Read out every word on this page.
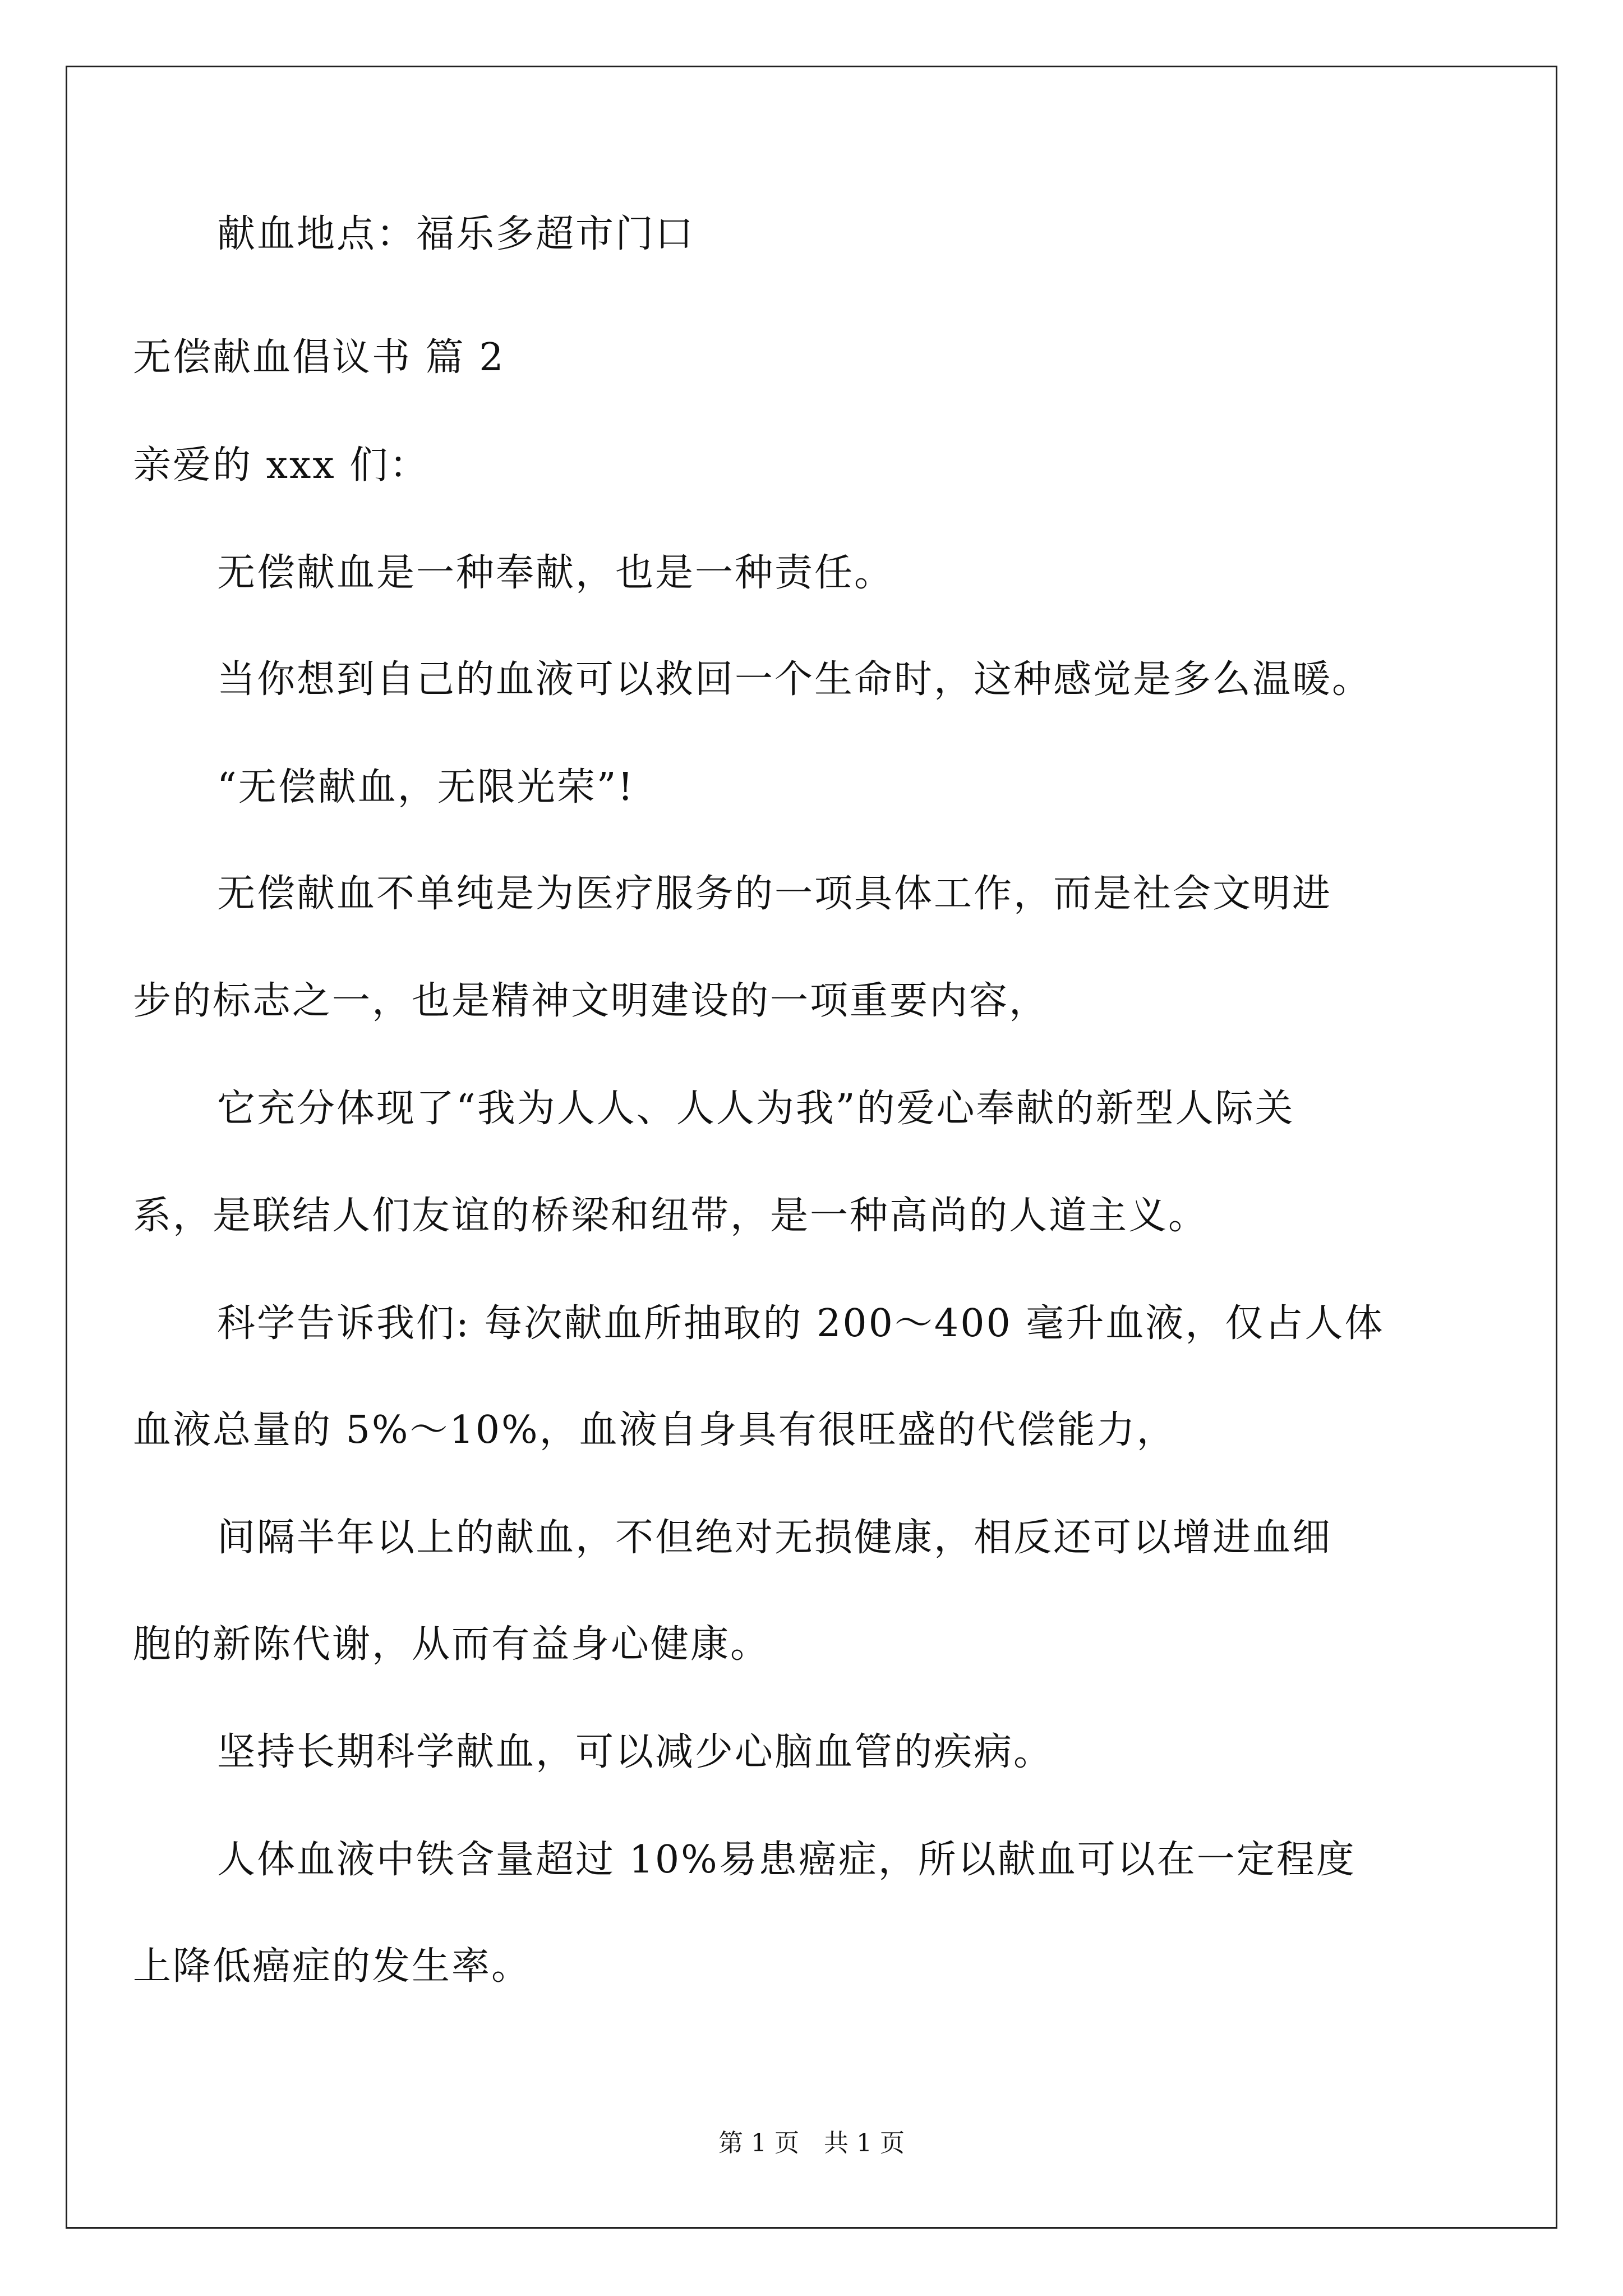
献血地点：福乐多超市门口
无偿献血倡议书 篇 2
亲爱的 xxx 们：
无偿献血是一种奉献，也是一种责任。
当你想到自己的血液可以救回一个生命时，这种感觉是多么温暖。
“无偿献血，无限光荣”!
无偿献血不单纯是为医疗服务的一项具体工作，而是社会文明进
步的标志之一，也是精神文明建设的一项重要内容，
它充分体现了“我为人人、人人为我”的爱心奉献的新型人际关
系，是联结人们友谊的桥梁和纽带，是一种高尚的人道主义。
科学告诉我们: 每次献血所抽取的 200～400 毫升血液，仅占人体
血液总量的 5%～10%，血液自身具有很旺盛的代偿能力，
间隔半年以上的献血，不但绝对无损健康，相反还可以增进血细
胞的新陈代谢，从而有益身心健康。
坚持长期科学献血，可以减少心脑血管的疾病。
人体血液中铁含量超过 10%易患癌症，所以献血可以在一定程度
上降低癌症的发生率。
第 1 页　共 1 页
